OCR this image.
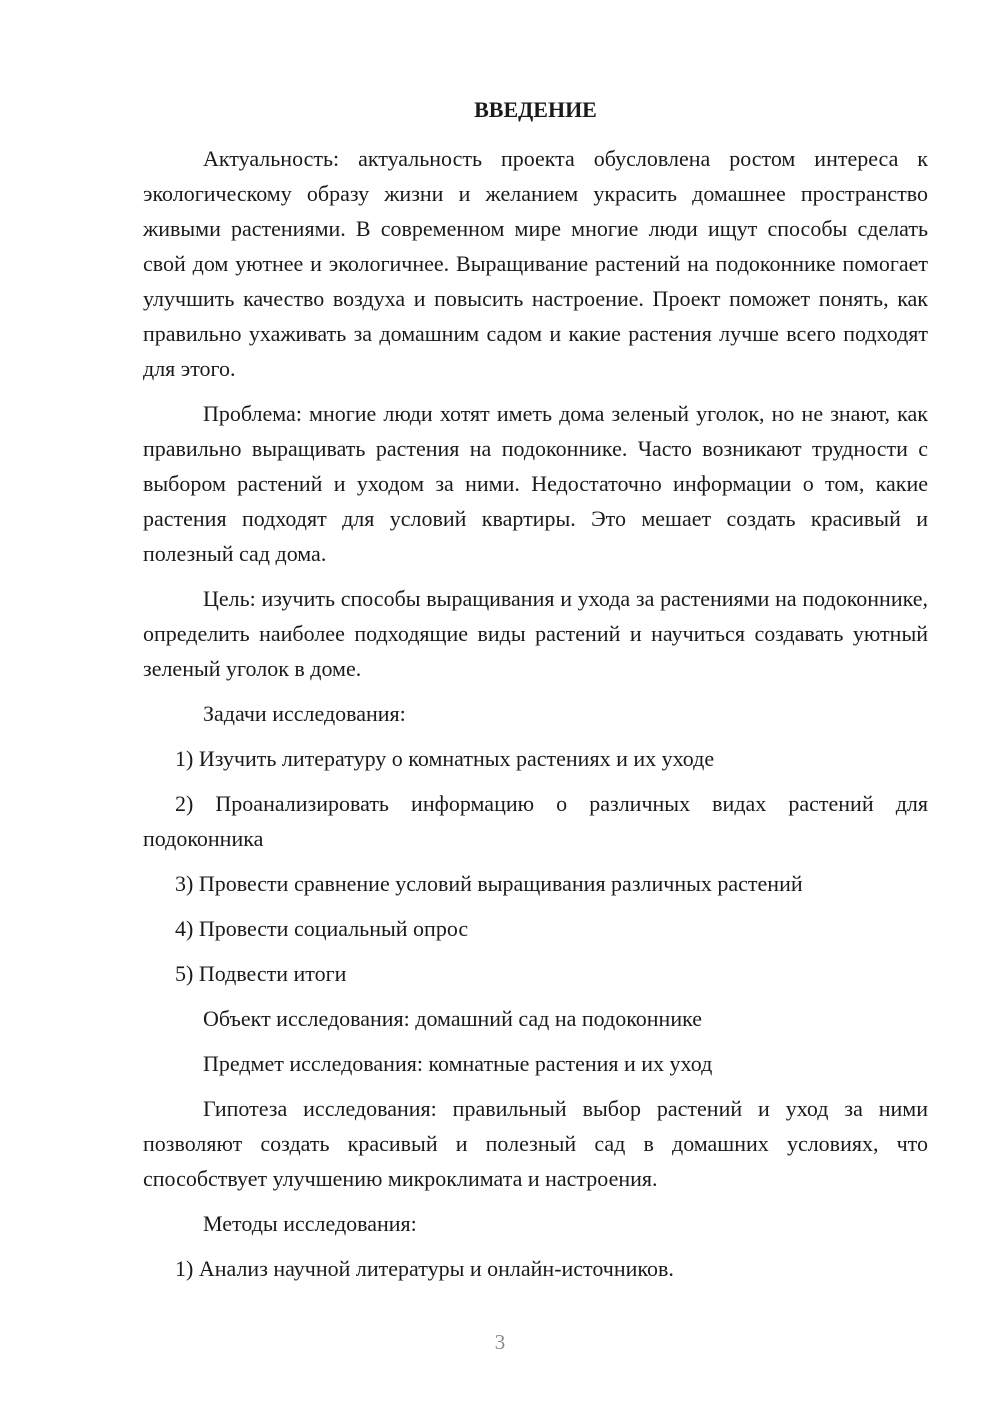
ВВЕДЕНИЕ

Актуальность: актуальность проекта обусловлена ростом интереса к экологическому образу жизни и желанием украсить домашнее пространство живыми растениями. В современном мире многие люди ищут способы сделать свой дом уютнее и экологичнее. Выращивание растений на подоконнике помогает улучшить качество воздуха и повысить настроение. Проект поможет понять, как правильно ухаживать за домашним садом и какие растения лучше всего подходят для этого.

Проблема: многие люди хотят иметь дома зеленый уголок, но не знают, как правильно выращивать растения на подоконнике. Часто возникают трудности с выбором растений и уходом за ними. Недостаточно информации о том, какие растения подходят для условий квартиры. Это мешает создать красивый и полезный сад дома.

Цель: изучить способы выращивания и ухода за растениями на подоконнике, определить наиболее подходящие виды растений и научиться создавать уютный зеленый уголок в доме.

Задачи исследования:

1) Изучить литературу о комнатных растениях и их уходе

2) Проанализировать информацию о различных видах растений для подоконника

3) Провести сравнение условий выращивания различных растений

4) Провести социальный опрос

5) Подвести итоги

Объект исследования: домашний сад на подоконнике

Предмет исследования: комнатные растения и их уход

Гипотеза исследования: правильный выбор растений и уход за ними позволяют создать красивый и полезный сад в домашних условиях, что способствует улучшению микроклимата и настроения.

Методы исследования:

1) Анализ научной литературы и онлайн-источников.

3
